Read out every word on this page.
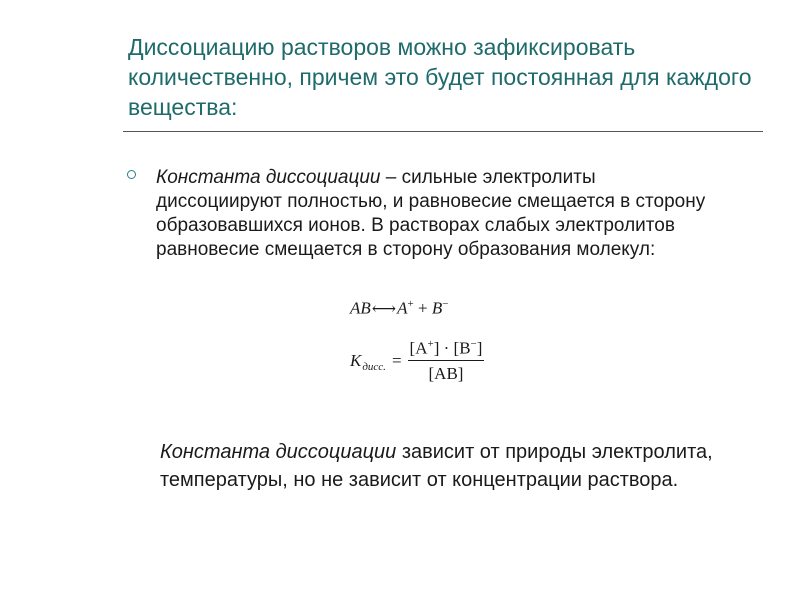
Диссоциацию растворов можно зафиксировать количественно, причем это будет постоянная для каждого вещества:
Константа диссоциации – сильные электролиты диссоциируют полностью, и равновесие смещается в сторону образовавшихся ионов. В растворах слабых электролитов равновесие смещается в сторону образования молекул:
AB⟷A+ + B−
K дисс. = $\frac{[A^+] \cdot [B^-]}{[AB]}$
Константа диссоциации зависит от природы электролита, температуры, но не зависит от концентрации раствора.
